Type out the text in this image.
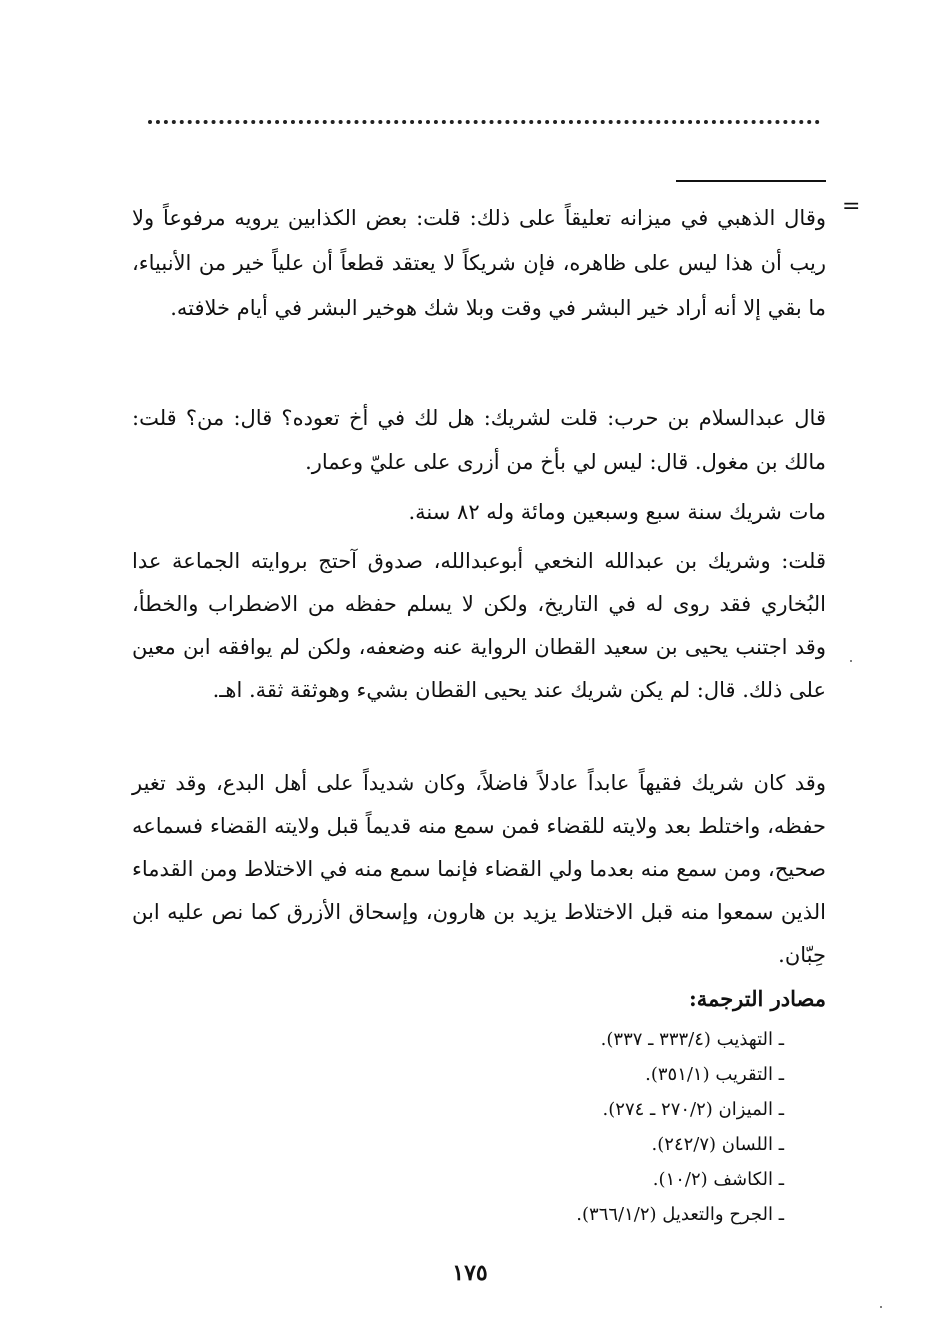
=

وقال الذهبي في ميزانه تعليقاً على ذلك: قلت: بعض الكذابين يرويه مرفوعاً ولا ريب أن هذا ليس على ظاهره، فإن شريكاً لا يعتقد قطعاً أن علياً خير من الأنبياء، ما بقي إلا أنه أراد خير البشر في وقت وبلا شك هوخير البشر في أيام خلافته.

قال عبدالسلام بن حرب: قلت لشريك: هل لك في أخ تعوده؟ قال: من؟ قلت: مالك بن مغول. قال: ليس لي بأخ من أزرى على عليّ وعمار.

مات شريك سنة سبع وسبعين ومائة وله ٨٢ سنة.

قلت: وشريك بن عبدالله النخعي أبوعبدالله، صدوق آحتج بروايته الجماعة عدا البُخاري فقد روى له في التاريخ، ولكن لا يسلم حفظه من الاضطراب والخطأ، وقد اجتنب يحيى بن سعيد القطان الرواية عنه وضعفه، ولكن لم يوافقه ابن معين على ذلك. قال: لم يكن شريك عند يحيى القطان بشيء وهوثقة ثقة. اهـ.

وقد كان شريك فقيهاً عابداً عادلاً فاضلاً، وكان شديداً على أهل البدع، وقد تغير حفظه، واختلط بعد ولايته للقضاء فمن سمع منه قديماً قبل ولايته القضاء فسماعه صحيح، ومن سمع منه بعدما ولي القضاء فإنما سمع منه في الاختلاط ومن القدماء الذين سمعوا منه قبل الاختلاط يزيد بن هارون، وإسحاق الأزرق كما نص عليه ابن حِبّان.

مصادر الترجمة:
ـ التهذيب (٣٣٣/٤ ـ ٣٣٧).
ـ التقريب (٣٥١/١).
ـ الميزان (٢٧٠/٢ ـ ٢٧٤).
ـ اللسان (٢٤٢/٧).
ـ الكاشف (١٠/٢).
ـ الجرح والتعديل (٣٦٦/١/٢).
١٧٥
